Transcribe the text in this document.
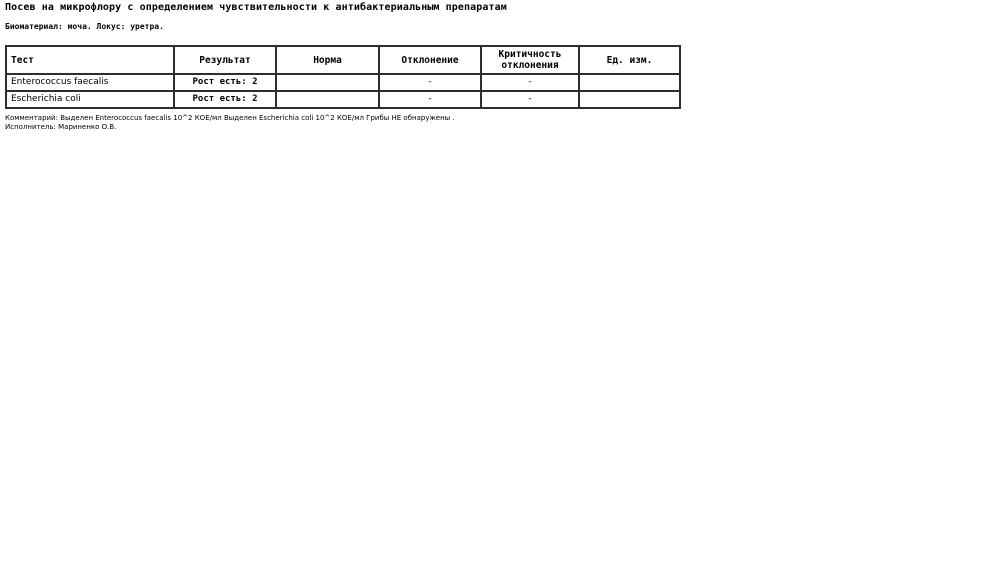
Посев на микрофлору с определением чувствительности к антибактериальным препаратам
Биоматериал: моча. Локус: уретра.
Тест	Результат	Норма	Отклонение	Критичность отклонения	Ед. изм.
Enterococcus faecalis	Рост есть: 2		-	-	
Escherichia coli	Рост есть: 2		-	-	
Комментарий: Выделен Enterococcus faecalis 10^2 КОЕ/мл Выделен Escherichia coli 10^2 КОЕ/мл Грибы НЕ обнаружены .
Исполнитель: Мариненко О.В.
